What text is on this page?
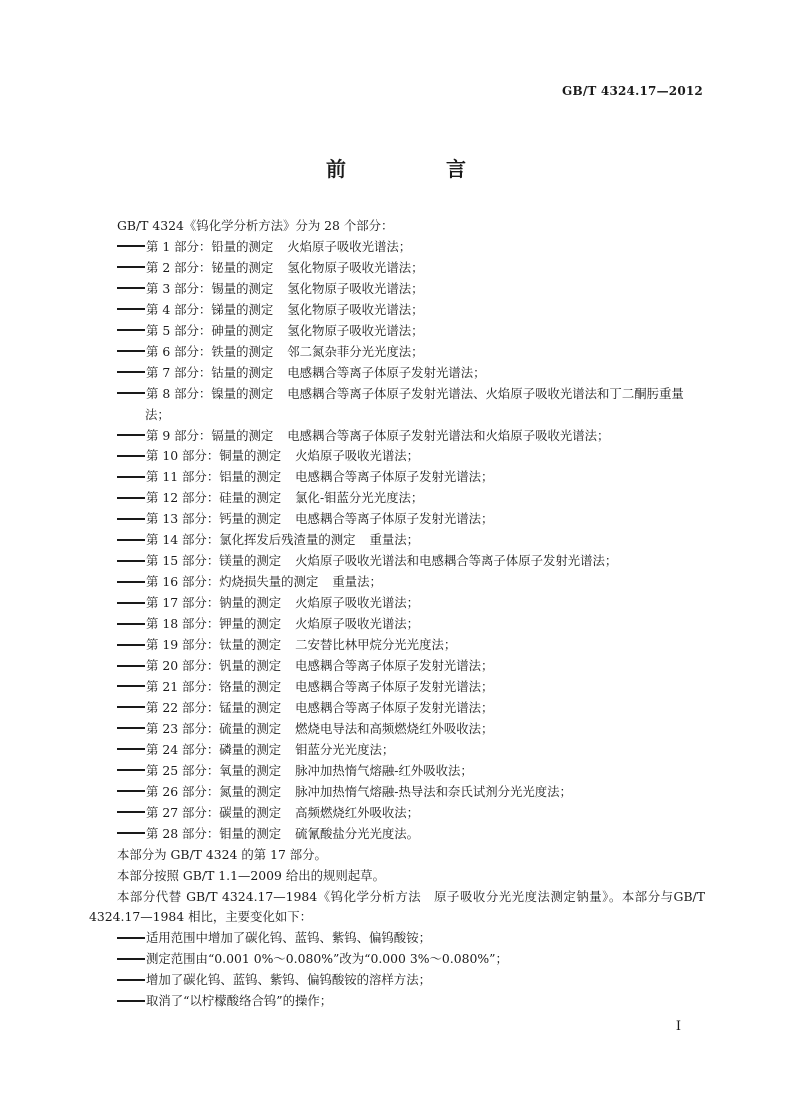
GB/T 4324.17—2012
前　言
GB/T 4324《钨化学分析方法》分为 28 个部分：
第 1 部分：铅量的测定 火焰原子吸收光谱法；
第 2 部分：铋量的测定 氢化物原子吸收光谱法；
第 3 部分：锡量的测定 氢化物原子吸收光谱法；
第 4 部分：锑量的测定 氢化物原子吸收光谱法；
第 5 部分：砷量的测定 氢化物原子吸收光谱法；
第 6 部分：铁量的测定 邻二氮杂菲分光光度法；
第 7 部分：钴量的测定 电感耦合等离子体原子发射光谱法；
第 8 部分：镍量的测定 电感耦合等离子体原子发射光谱法、火焰原子吸收光谱法和丁二酮肟重量法；
第 9 部分：镉量的测定 电感耦合等离子体原子发射光谱法和火焰原子吸收光谱法；
第 10 部分：铜量的测定 火焰原子吸收光谱法；
第 11 部分：铝量的测定 电感耦合等离子体原子发射光谱法；
第 12 部分：硅量的测定 氯化-钼蓝分光光度法；
第 13 部分：钙量的测定 电感耦合等离子体原子发射光谱法；
第 14 部分：氯化挥发后残渣量的测定 重量法；
第 15 部分：镁量的测定 火焰原子吸收光谱法和电感耦合等离子体原子发射光谱法；
第 16 部分：灼烧损失量的测定 重量法；
第 17 部分：钠量的测定 火焰原子吸收光谱法；
第 18 部分：钾量的测定 火焰原子吸收光谱法；
第 19 部分：钛量的测定 二安替比林甲烷分光光度法；
第 20 部分：钒量的测定 电感耦合等离子体原子发射光谱法；
第 21 部分：铬量的测定 电感耦合等离子体原子发射光谱法；
第 22 部分：锰量的测定 电感耦合等离子体原子发射光谱法；
第 23 部分：硫量的测定 燃烧电导法和高频燃烧红外吸收法；
第 24 部分：磷量的测定 钼蓝分光光度法；
第 25 部分：氧量的测定 脉冲加热惰气熔融-红外吸收法；
第 26 部分：氮量的测定 脉冲加热惰气熔融-热导法和奈氏试剂分光光度法；
第 27 部分：碳量的测定 高频燃烧红外吸收法；
第 28 部分：钼量的测定 硫氰酸盐分光光度法。
本部分为 GB/T 4324 的第 17 部分。
本部分按照 GB/T 1.1—2009 给出的规则起草。
本部分代替 GB/T 4324.17—1984《钨化学分析方法　原子吸收分光光度法测定钠量》。本部分与GB/T 4324.17—1984 相比，主要变化如下：
适用范围中增加了碳化钨、蓝钨、紫钨、偏钨酸铵；
测定范围由“0.001 0%～0.080%”改为“0.000 3%～0.080%”；
增加了碳化钨、蓝钨、紫钨、偏钨酸铵的溶样方法；
取消了“以柠檬酸络合钨”的操作；
I
